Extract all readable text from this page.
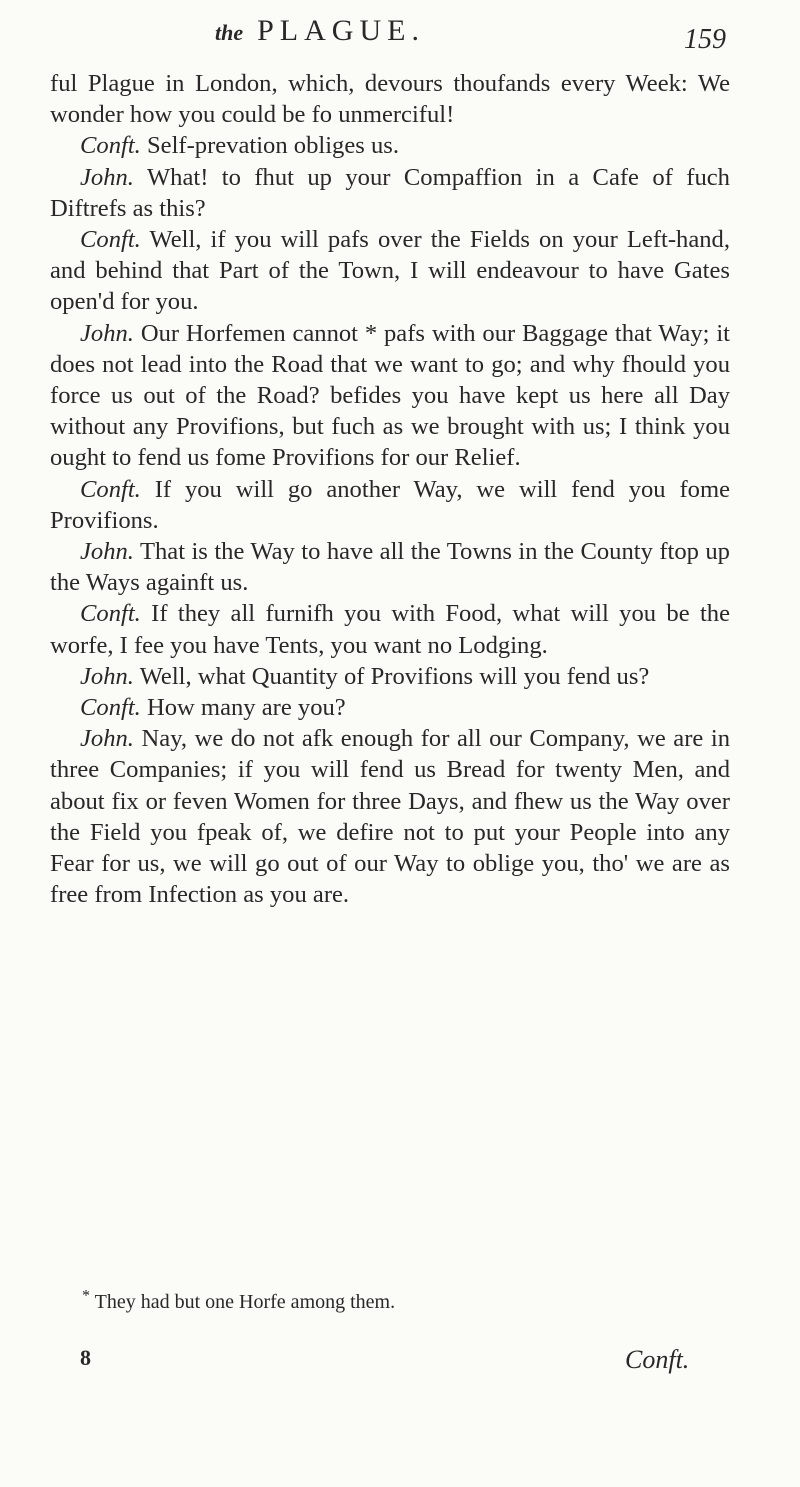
the PLAGUE.	159

ful Plague in London, which, devours thoufands every Week: We wonder how you could be fo unmerciful!

Conft. Self-prevation obliges us.

John. What! to fhut up your Compaffion in a Cafe of fuch Diftrefs as this?

Conft. Well, if you will pafs over the Fields on your Left-hand, and behind that Part of the Town, I will endeavour to have Gates open'd for you.

John. Our Horfemen cannot * pafs with our Baggage that Way; it does not lead into the Road that we want to go; and why fhould you force us out of the Road? befides you have kept us here all Day without any Provifions, but fuch as we brought with us; I think you ought to fend us fome Provifions for our Relief.

Conft. If you will go another Way, we will fend you fome Provifions.

John. That is the Way to have all the Towns in the County ftop up the Ways againft us.

Conft. If they all furnifh you with Food, what will you be the worfe, I fee you have Tents, you want no Lodging.

John. Well, what Quantity of Provifions will you fend us?

Conft. How many are you?

John. Nay, we do not afk enough for all our Company, we are in three Companies; if you will fend us Bread for twenty Men, and about fix or feven Women for three Days, and fhew us the Way over the Field you fpeak of, we defire not to put your People into any Fear for us, we will go out of our Way to oblige you, tho' we are as free from Infection as you are.

* They had but one Horfe among them.
8	Conft.
